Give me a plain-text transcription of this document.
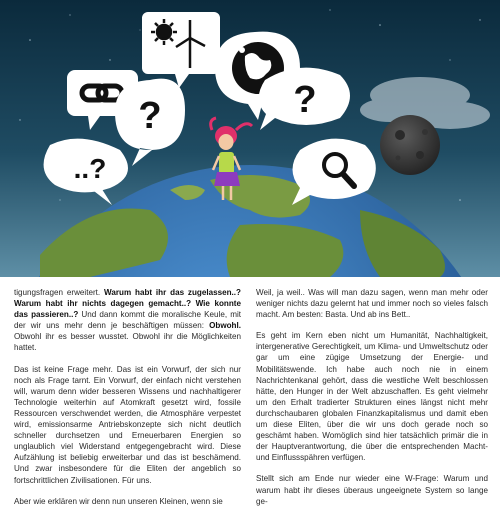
?
..?
?

tigungsfragen erweitert. Warum habt ihr das zugelassen..? Warum habt ihr nichts dagegen gemacht..? Wie konnte das passieren..? Und dann kommt die moralische Keule, mit der wir uns mehr denn je beschäftigen müssen: Obwohl. Obwohl ihr es besser wusstet. Obwohl ihr die Möglichkeiten hattet.

Das ist keine Frage mehr. Das ist ein Vorwurf, der sich nur noch als Frage tarnt. Ein Vorwurf, der einfach nicht verstehen will, warum denn wider besseren Wissens und nachhaltigerer Technologie weiterhin auf Atomkraft gesetzt wird, fossile Ressourcen verschwendet werden, die Atmosphäre verpestet wird, emissionsarme Antriebskonzepte sich nicht deutlich schneller durchsetzen und Erneuerbaren Energien so unglaublich viel Widerstand entgegengebracht wird. Diese Aufzählung ist beliebig erweiterbar und das ist beschämend. Und zwar insbesondere für die Eliten der angeblich so fortschrittlichen Zivilisationen. Für uns.

Aber wie erklären wir denn nun unseren Kleinen, wenn sie

Weil, ja weil.. Was will man dazu sagen, wenn man mehr oder weniger nichts dazu gelernt hat und immer noch so vieles falsch macht. Am besten: Basta. Und ab ins Bett..

Es geht im Kern eben nicht um Humanität, Nachhaltigkeit, intergenerative Gerechtigkeit, um Klima- und Umweltschutz oder gar um eine zügige Umsetzung der Energie- und Mobilitätswende. Ich habe auch noch nie in einem Nachrichtenkanal gehört, dass die westliche Welt beschlossen hätte, den Hunger in der Welt abzuschaffen. Es geht vielmehr um den Erhalt tradierter Strukturen eines längst nicht mehr durchschaubaren globalen Finanzkapitalismus und damit eben um diese Eliten, über die wir uns doch gerade noch so geschämt haben. Womöglich sind hier tatsächlich primär die in der Hauptverantwortung, die über die entsprechenden Macht- und Einflussspähren verfügen.

Stellt sich am Ende nur wieder eine W-Frage: Warum und warum habt ihr dieses überaus ungeeignete System so lange ge-
